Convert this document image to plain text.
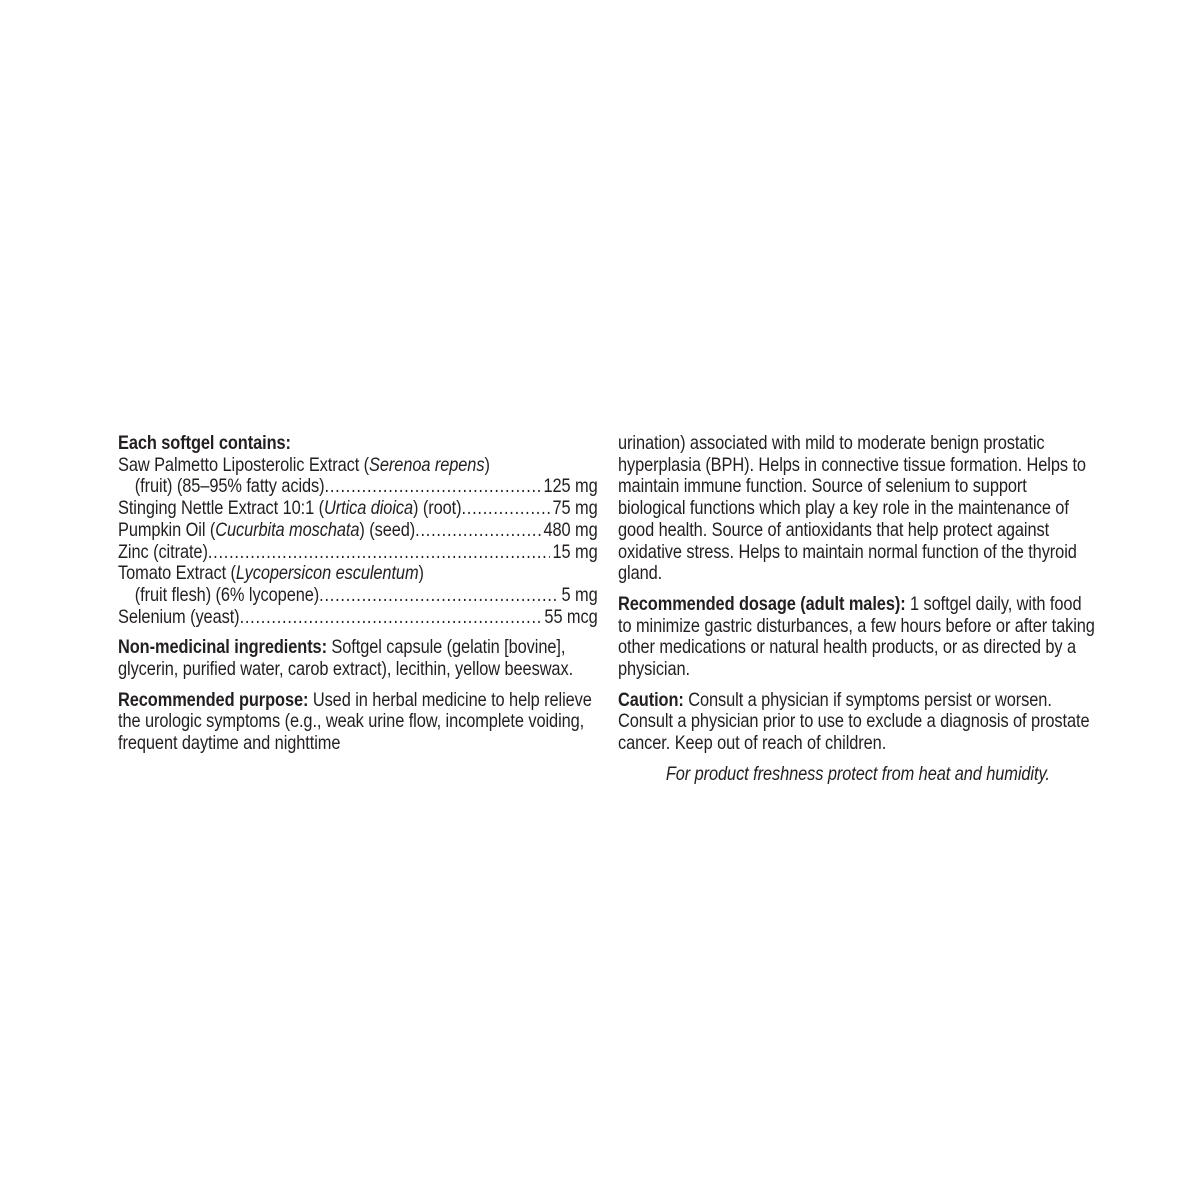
Each softgel contains:
Saw Palmetto Liposterolic Extract (Serenoa repens)
(fruit) (85–95% fatty acids) .....	125 mg
Stinging Nettle Extract 10:1 (Urtica dioica) (root) .....	75 mg
Pumpkin Oil (Cucurbita moschata) (seed) .....	480 mg
Zinc (citrate) .....	15 mg
Tomato Extract (Lycopersicon esculentum)
(fruit flesh) (6% lycopene) .....	5 mg
Selenium (yeast) .....	55 mcg
Non-medicinal ingredients: Softgel capsule (gelatin [bovine], glycerin, purified water, carob extract), lecithin, yellow beeswax.
Recommended purpose: Used in herbal medicine to help relieve the urologic symptoms (e.g., weak urine flow, incomplete voiding, frequent daytime and nighttime
urination) associated with mild to moderate benign prostatic hyperplasia (BPH). Helps in connective tissue formation. Helps to maintain immune function. Source of selenium to support biological functions which play a key role in the maintenance of good health. Source of antioxidants that help protect against oxidative stress. Helps to maintain normal function of the thyroid gland.
Recommended dosage (adult males): 1 softgel daily, with food to minimize gastric disturbances, a few hours before or after taking other medications or natural health products, or as directed by a physician.
Caution: Consult a physician if symptoms persist or worsen. Consult a physician prior to use to exclude a diagnosis of prostate cancer. Keep out of reach of children.
For product freshness protect from heat and humidity.
